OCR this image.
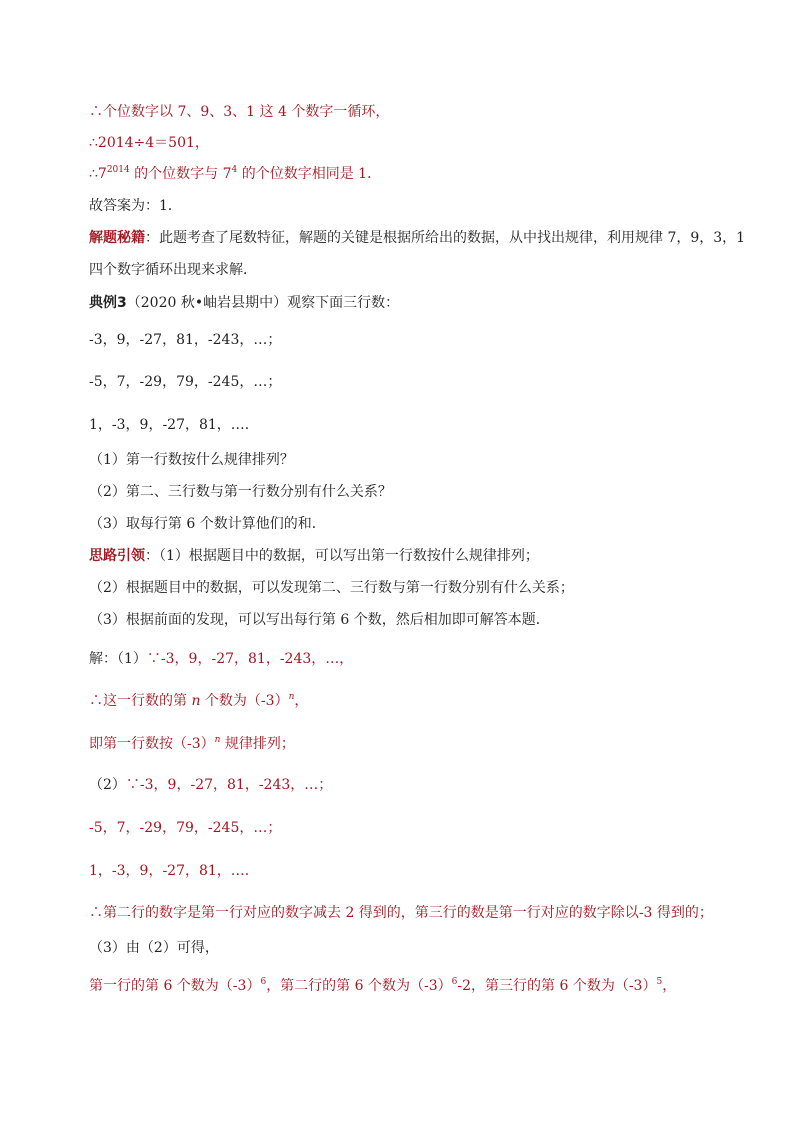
∴个位数字以 7、9、3、1 这 4 个数字一循环，
∴2014÷4＝501，
$\therefore 7^{2014}$ 的个位数字与 $7^4$ 的个位数字相同是 1．
故答案为：1．
解题秘籍：此题考查了尾数特征，解题的关键是根据所给出的数据，从中找出规律，利用规律 7，9，3，1
四个数字循环出现来求解．
典例3（2020 秋•岫岩县期中）观察下面三行数：
-3，9，-27，81，-243，…；
-5，7，-29，79，-245，…；
1，-3，9，-27，81，….
（1）第一行数按什么规律排列？
（2）第二、三行数与第一行数分别有什么关系？
（3）取每行第 6 个数计算他们的和．
思路引领：（1）根据题目中的数据，可以写出第一行数按什么规律排列；
（2）根据题目中的数据，可以发现第二、三行数与第一行数分别有什么关系；
（3）根据前面的发现，可以写出每行第 6 个数，然后相加即可解答本题．
解：（1）∵-3，9，-27，81，-243，…，
∴这一行数的第 n 个数为$(-3)^n$，
即第一行数按$(-3)^n$ 规律排列；
（2）∵-3，9，-27，81，-243，…；
-5，7，-29，79，-245，…；
1，-3，9，-27，81，….
∴第二行的数字是第一行对应的数字减去 2 得到的，第三行的数是第一行对应的数字除以-3 得到的；
（3）由（2）可得，
第一行的第 6 个数为$(-3)^6$，第二行的第 6 个数为$(-3)^6-2$，第三行的第 6 个数为$(-3)^5$，
